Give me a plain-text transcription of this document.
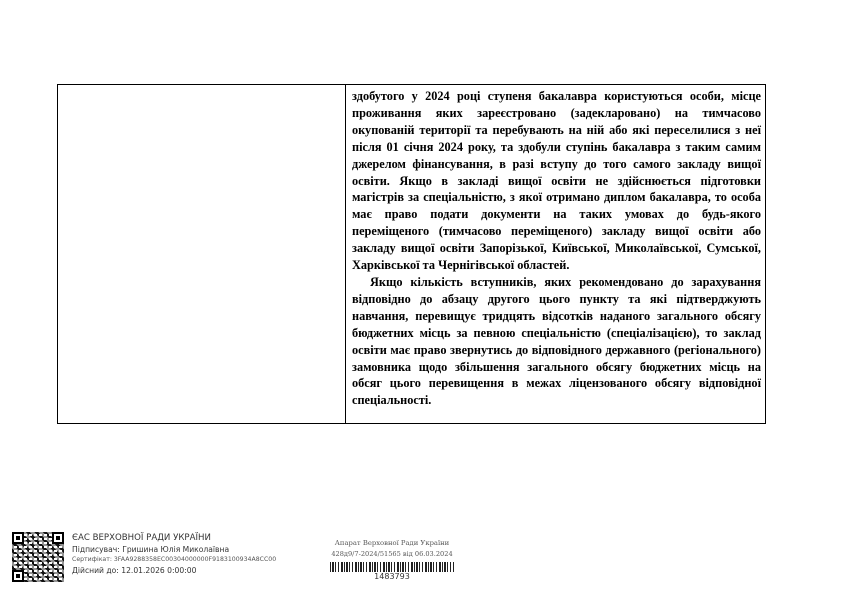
здобутого у 2024 році ступеня бакалавра користуються особи, місце проживання яких зареєстровано (задекларовано) на тимчасово окупованій території та перебувають на ній або які переселилися з неї після 01 січня 2024 року, та здобули ступінь бакалавра з таким самим джерелом фінансування, в разі вступу до того самого закладу вищої освіти. Якщо в закладі вищої освіти не здійснюється підготовки магістрів за спеціальністю, з якої отримано диплом бакалавра, то особа має право подати документи на таких умовах до будь-якого переміщеного (тимчасово переміщеного) закладу вищої освіти або закладу вищої освіти Запорізької, Київської, Миколаївської, Сумської, Харківської та Чернігівської областей.

Якщо кількість вступників, яких рекомендовано до зарахування відповідно до абзацу другого цього пункту та які підтверджують навчання, перевищує тридцять відсотків наданого загального обсягу бюджетних місць за певною спеціальністю (спеціалізацією), то заклад освіти має право звернутись до відповідного державного (регіонального) замовника щодо збільшення загального обсягу бюджетних місць на обсяг цього перевищення в межах ліцензованого обсягу відповідної спеціальності.

ЄАС ВЕРХОВНОЇ РАДИ УКРАЇНИ
Підписувач: Гришина Юлія Миколаївна
Сертифікат: 3FAA9288358EC00304000000F9183100934A8CC00
Дійсний до: 12.01.2026 0:00:00
Апарат Верховної Ради України
428д9/7-2024/51565 від 06.03.2024
1483793
